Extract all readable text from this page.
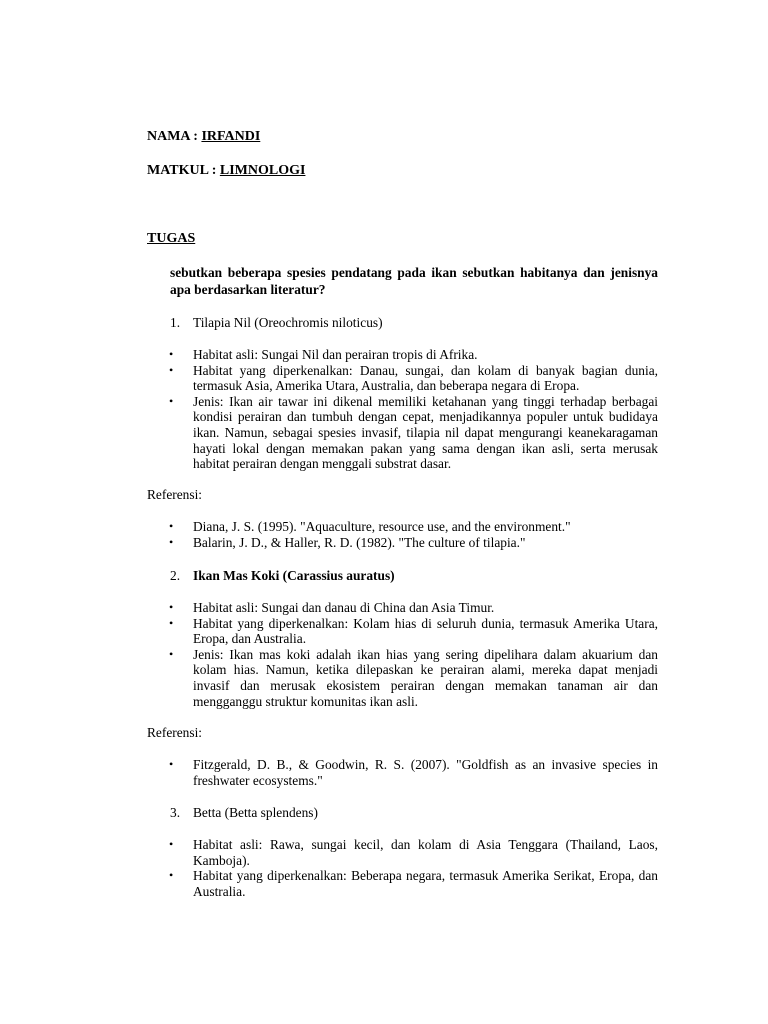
NAMA : IRFANDI
MATKUL : LIMNOLOGI
TUGAS
sebutkan beberapa spesies pendatang pada ikan sebutkan habitanya dan jenisnya apa berdasarkan literatur?
1. Tilapia Nil (Oreochromis niloticus)
• Habitat asli: Sungai Nil dan perairan tropis di Afrika.
• Habitat yang diperkenalkan: Danau, sungai, dan kolam di banyak bagian dunia, termasuk Asia, Amerika Utara, Australia, dan beberapa negara di Eropa.
• Jenis: Ikan air tawar ini dikenal memiliki ketahanan yang tinggi terhadap berbagai kondisi perairan dan tumbuh dengan cepat, menjadikannya populer untuk budidaya ikan. Namun, sebagai spesies invasif, tilapia nil dapat mengurangi keanekaragaman hayati lokal dengan memakan pakan yang sama dengan ikan asli, serta merusak habitat perairan dengan menggali substrat dasar.
Referensi:
• Diana, J. S. (1995). "Aquaculture, resource use, and the environment."
• Balarin, J. D., & Haller, R. D. (1982). "The culture of tilapia."
2. Ikan Mas Koki (Carassius auratus)
• Habitat asli: Sungai dan danau di China dan Asia Timur.
• Habitat yang diperkenalkan: Kolam hias di seluruh dunia, termasuk Amerika Utara, Eropa, dan Australia.
• Jenis: Ikan mas koki adalah ikan hias yang sering dipelihara dalam akuarium dan kolam hias. Namun, ketika dilepaskan ke perairan alami, mereka dapat menjadi invasif dan merusak ekosistem perairan dengan memakan tanaman air dan mengganggu struktur komunitas ikan asli.
Referensi:
• Fitzgerald, D. B., & Goodwin, R. S. (2007). "Goldfish as an invasive species in freshwater ecosystems."
3. Betta (Betta splendens)
• Habitat asli: Rawa, sungai kecil, dan kolam di Asia Tenggara (Thailand, Laos, Kamboja).
• Habitat yang diperkenalkan: Beberapa negara, termasuk Amerika Serikat, Eropa, dan Australia.
